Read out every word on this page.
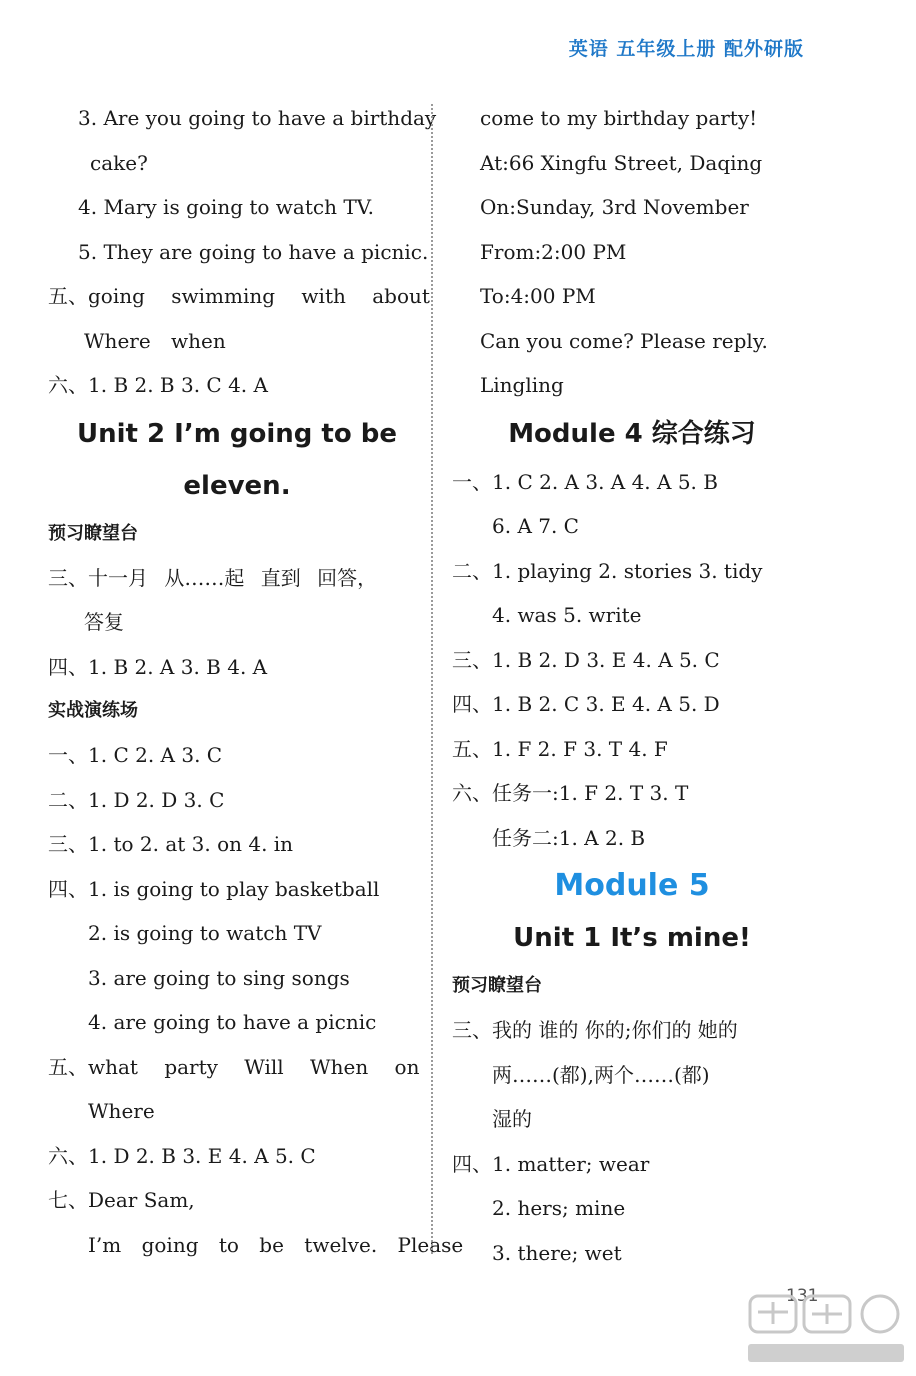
英语 五年级上册 配外研版
3. Are you going to have a birthday
cake?
4. Mary is going to watch TV.
5. They are going to have a picnic.
五、going swimming with about
Where when
六、1. B 2. B 3. C 4. A
Unit 2 I’m going to be
eleven.
预习瞭望台
三、十一月 从……起 直到 回答，
答复
四、1. B 2. A 3. B 4. A
实战演练场
一、1. C 2. A 3. C
二、1. D 2. D 3. C
三、1. to 2. at 3. on 4. in
四、1. is going to play basketball
2. is going to watch TV
3. are going to sing songs
4. are going to have a picnic
五、what party Will When on
Where
六、1. D 2. B 3. E 4. A 5. C
七、Dear Sam,
I’m going to be twelve. Please
come to my birthday party!
At:66 Xingfu Street, Daqing
On:Sunday, 3rd November
From:2:00 PM
To:4:00 PM
Can you come? Please reply.
Lingling
Module 4 综合练习
一、1. C 2. A 3. A 4. A 5. B
6. A 7. C
二、1. playing 2. stories 3. tidy
4. was 5. write
三、1. B 2. D 3. E 4. A 5. C
四、1. B 2. C 3. E 4. A 5. D
五、1. F 2. F 3. T 4. F
六、任务一:1. F 2. T 3. T
任务二:1. A 2. B
Module 5
Unit 1 It’s mine!
预习瞭望台
三、我的 谁的 你的;你们的 她的
两……(都),两个……(都)
湿的
四、1. matter; wear
2. hers; mine
3. there; wet
131
